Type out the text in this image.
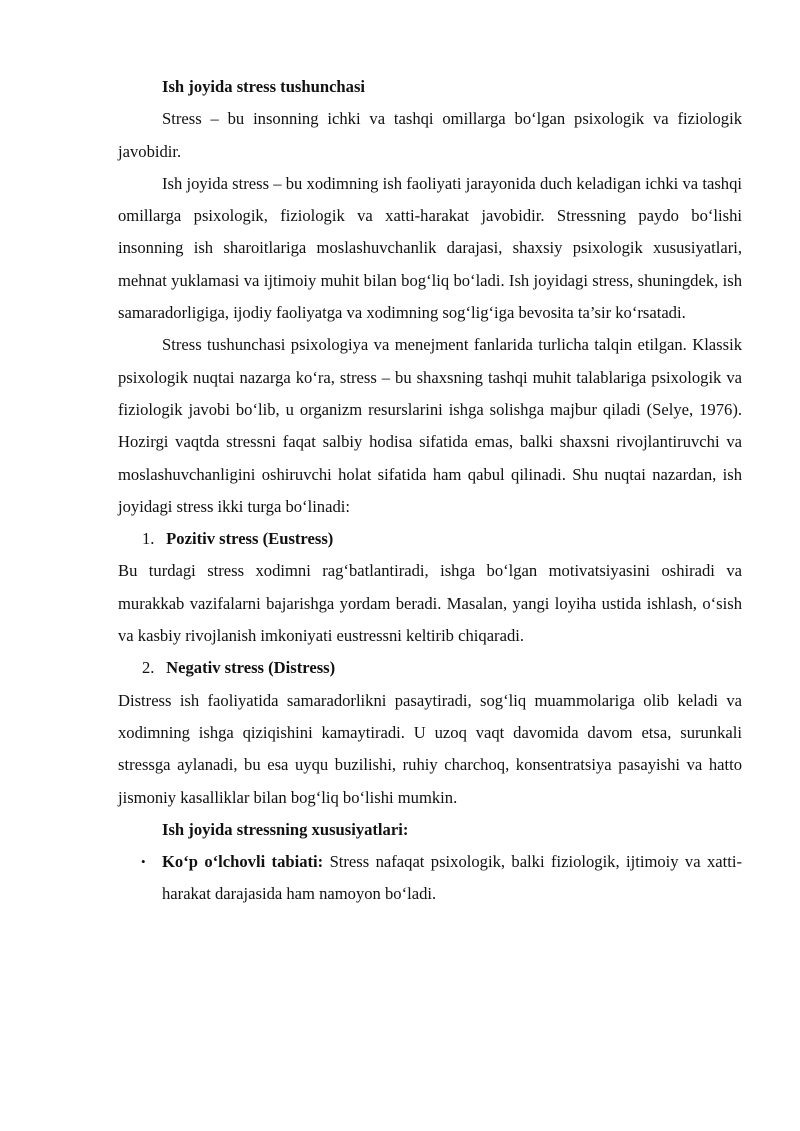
Ish joyida stress tushunchasi

Stress – bu insonning ichki va tashqi omillarga bo‘lgan psixologik va fiziologik javobidir.

Ish joyida stress – bu xodimning ish faoliyati jarayonida duch keladigan ichki va tashqi omillarga psixologik, fiziologik va xatti-harakat javobidir. Stressning paydo bo‘lishi insonning ish sharoitlariga moslashuvchanlik darajasi, shaxsiy psixologik xususiyatlari, mehnat yuklamasi va ijtimoiy muhit bilan bog‘liq bo‘ladi. Ish joyidagi stress, shuningdek, ish samaradorligiga, ijodiy faoliyatga va xodimning sog‘lig‘iga bevosita ta’sir ko‘rsatadi.

Stress tushunchasi psixologiya va menejment fanlarida turlicha talqin etilgan. Klassik psixologik nuqtai nazarga ko‘ra, stress – bu shaxsning tashqi muhit talablariga psixologik va fiziologik javobi bo‘lib, u organizm resurslarini ishga solishga majbur qiladi (Selye, 1976). Hozirgi vaqtda stressni faqat salbiy hodisa sifatida emas, balki shaxsni rivojlantiruvchi va moslashuvchanligini oshiruvchi holat sifatida ham qabul qilinadi. Shu nuqtai nazardan, ish joyidagi stress ikki turga bo‘linadi:

1. Pozitiv stress (Eustress)

Bu turdagi stress xodimni rag‘batlantiradi, ishga bo‘lgan motivatsiyasini oshiradi va murakkab vazifalarni bajarishga yordam beradi. Masalan, yangi loyiha ustida ishlash, o‘sish va kasbiy rivojlanish imkoniyati eustressni keltirib chiqaradi.

2. Negativ stress (Distress)

Distress ish faoliyatida samaradorlikni pasaytiradi, sog‘liq muammolariga olib keladi va xodimning ishga qiziqishini kamaytiradi. U uzoq vaqt davomida davom etsa, surunkali stressga aylanadi, bu esa uyqu buzilishi, ruhiy charchoq, konsentratsiya pasayishi va hatto jismoniy kasalliklar bilan bog‘liq bo‘lishi mumkin.

Ish joyida stressning xususiyatlari:

• Ko‘p o‘lchovli tabiati: Stress nafaqat psixologik, balki fiziologik, ijtimoiy va xatti-harakat darajasida ham namoyon bo‘ladi.
